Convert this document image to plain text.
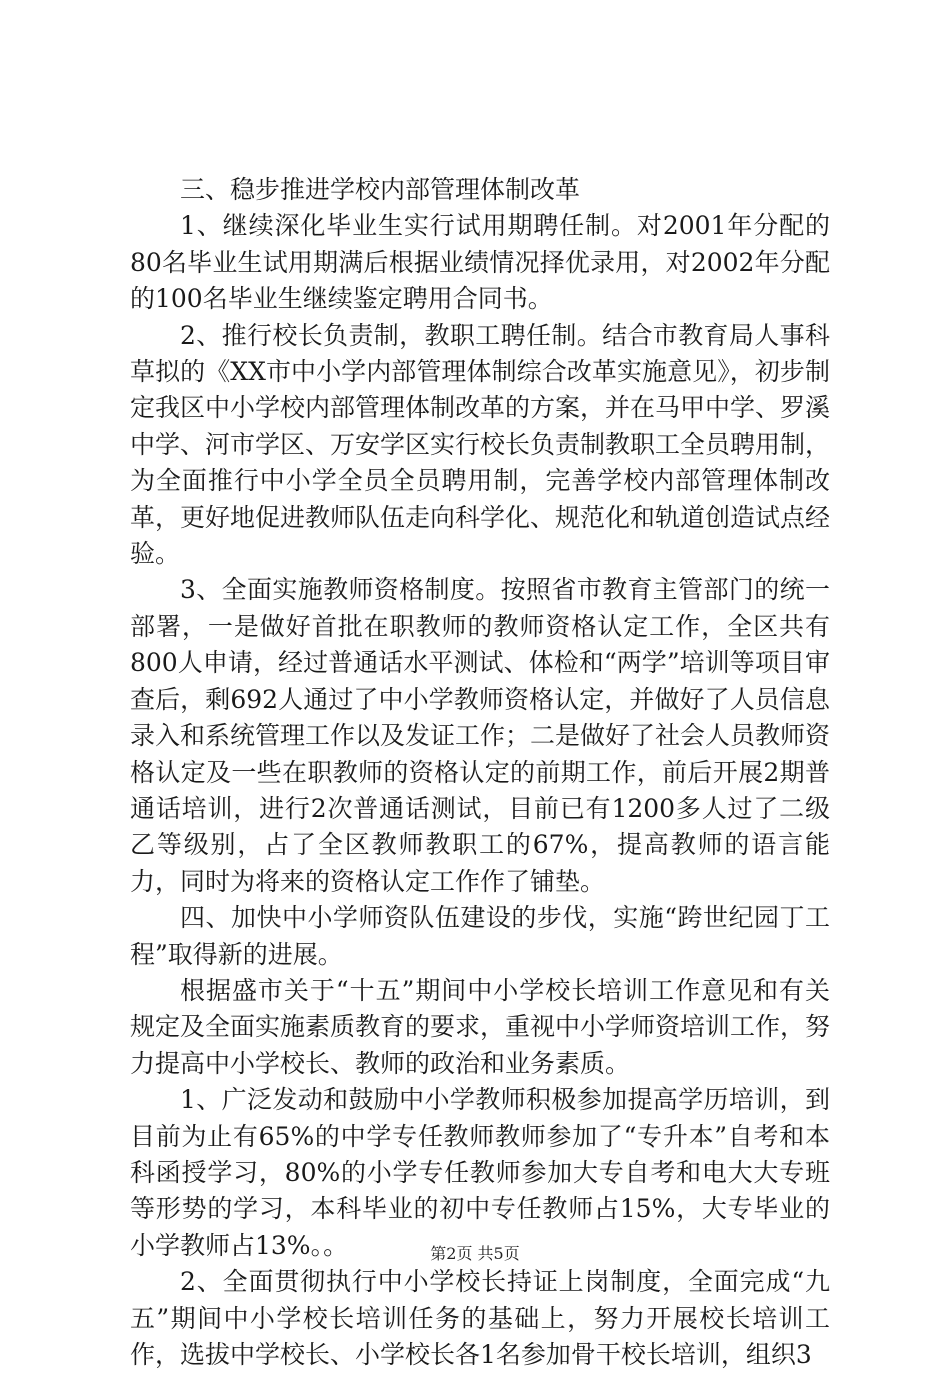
三、稳步推进学校内部管理体制改革

1、继续深化毕业生实行试用期聘任制。对2001年分配的80名毕业生试用期满后根据业绩情况择优录用，对2002年分配的100名毕业生继续鉴定聘用合同书。

2、推行校长负责制，教职工聘任制。结合市教育局人事科草拟的《XX市中小学内部管理体制综合改革实施意见》，初步制定我区中小学校内部管理体制改革的方案，并在马甲中学、罗溪中学、河市学区、万安学区实行校长负责制教职工全员聘用制，为全面推行中小学全员全员聘用制，完善学校内部管理体制改革，更好地促进教师队伍走向科学化、规范化和轨道创造试点经验。

3、全面实施教师资格制度。按照省市教育主管部门的统一部署，一是做好首批在职教师的教师资格认定工作，全区共有800人申请，经过普通话水平测试、体检和“两学”培训等项目审查后，剩692人通过了中小学教师资格认定，并做好了人员信息录入和系统管理工作以及发证工作；二是做好了社会人员教师资格认定及一些在职教师的资格认定的前期工作，前后开展2期普通话培训，进行2次普通话测试，目前已有1200多人过了二级乙等级别，占了全区教师教职工的67%，提高教师的语言能力，同时为将来的资格认定工作作了铺垫。

四、加快中小学师资队伍建设的步伐，实施“跨世纪园丁工程”取得新的进展。

根据盛市关于“十五”期间中小学校长培训工作意见和有关规定及全面实施素质教育的要求，重视中小学师资培训工作，努力提高中小学校长、教师的政治和业务素质。

1、广泛发动和鼓励中小学教师积极参加提高学历培训，到目前为止有65%的中学专任教师教师参加了“专升本”自考和本科函授学习，80%的小学专任教师参加大专自考和电大大专班等形势的学习，本科毕业的初中专任教师占15%，大专毕业的小学教师占13%。。

2、全面贯彻执行中小学校长持证上岗制度，全面完成“九五”期间中小学校长培训任务的基础上，努力开展校长培训工作，选拔中学校长、小学校长各1名参加骨干校长培训，组织3

第2页 共5页
